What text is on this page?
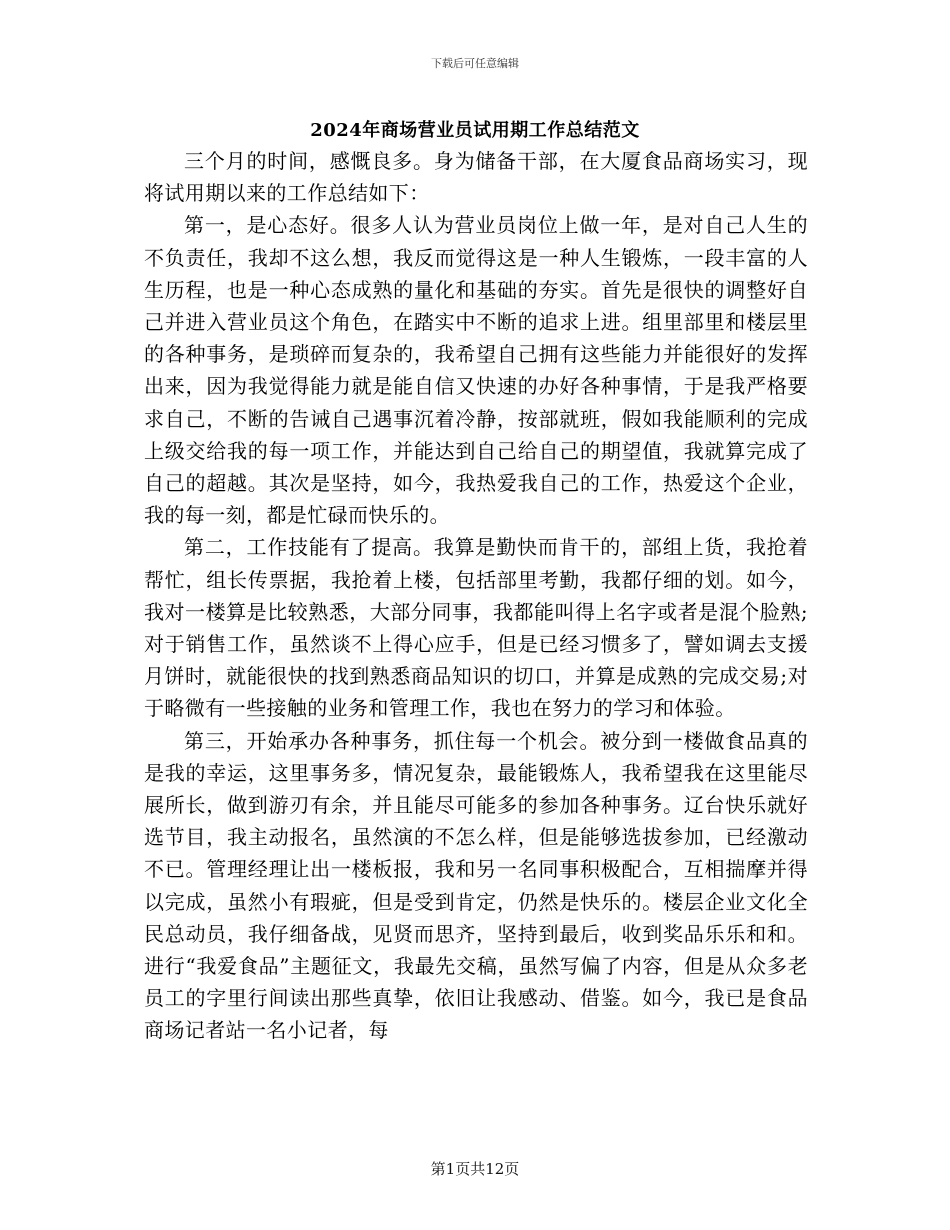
下载后可任意编辑
2024年商场营业员试用期工作总结范文

三个月的时间，感慨良多。身为储备干部，在大厦食品商场实习，现将试用期以来的工作总结如下：

第一，是心态好。很多人认为营业员岗位上做一年，是对自己人生的不负责任，我却不这么想，我反而觉得这是一种人生锻炼，一段丰富的人生历程，也是一种心态成熟的量化和基础的夯实。首先是很快的调整好自己并进入营业员这个角色，在踏实中不断的追求上进。组里部里和楼层里的各种事务，是琐碎而复杂的，我希望自己拥有这些能力并能很好的发挥出来，因为我觉得能力就是能自信又快速的办好各种事情，于是我严格要求自己，不断的告诫自己遇事沉着冷静，按部就班，假如我能顺利的完成上级交给我的每一项工作，并能达到自己给自己的期望值，我就算完成了自己的超越。其次是坚持，如今，我热爱我自己的工作，热爱这个企业，我的每一刻，都是忙碌而快乐的。

第二，工作技能有了提高。我算是勤快而肯干的，部组上货，我抢着帮忙，组长传票据，我抢着上楼，包括部里考勤，我都仔细的划。如今，我对一楼算是比较熟悉，大部分同事，我都能叫得上名字或者是混个脸熟;对于销售工作，虽然谈不上得心应手，但是已经习惯多了，譬如调去支援月饼时，就能很快的找到熟悉商品知识的切口，并算是成熟的完成交易;对于略微有一些接触的业务和管理工作，我也在努力的学习和体验。

第三，开始承办各种事务，抓住每一个机会。被分到一楼做食品真的是我的幸运，这里事务多，情况复杂，最能锻炼人，我希望我在这里能尽展所长，做到游刃有余，并且能尽可能多的参加各种事务。辽台快乐就好选节目，我主动报名，虽然演的不怎么样，但是能够选拔参加，已经激动不已。管理经理让出一楼板报，我和另一名同事积极配合，互相揣摩并得以完成，虽然小有瑕疵，但是受到肯定，仍然是快乐的。楼层企业文化全民总动员，我仔细备战，见贤而思齐，坚持到最后，收到奖品乐乐和和。进行“我爱食品”主题征文，我最先交稿，虽然写偏了内容，但是从众多老员工的字里行间读出那些真挚，依旧让我感动、借鉴。如今，我已是食品商场记者站一名小记者，每

第1页共12页
